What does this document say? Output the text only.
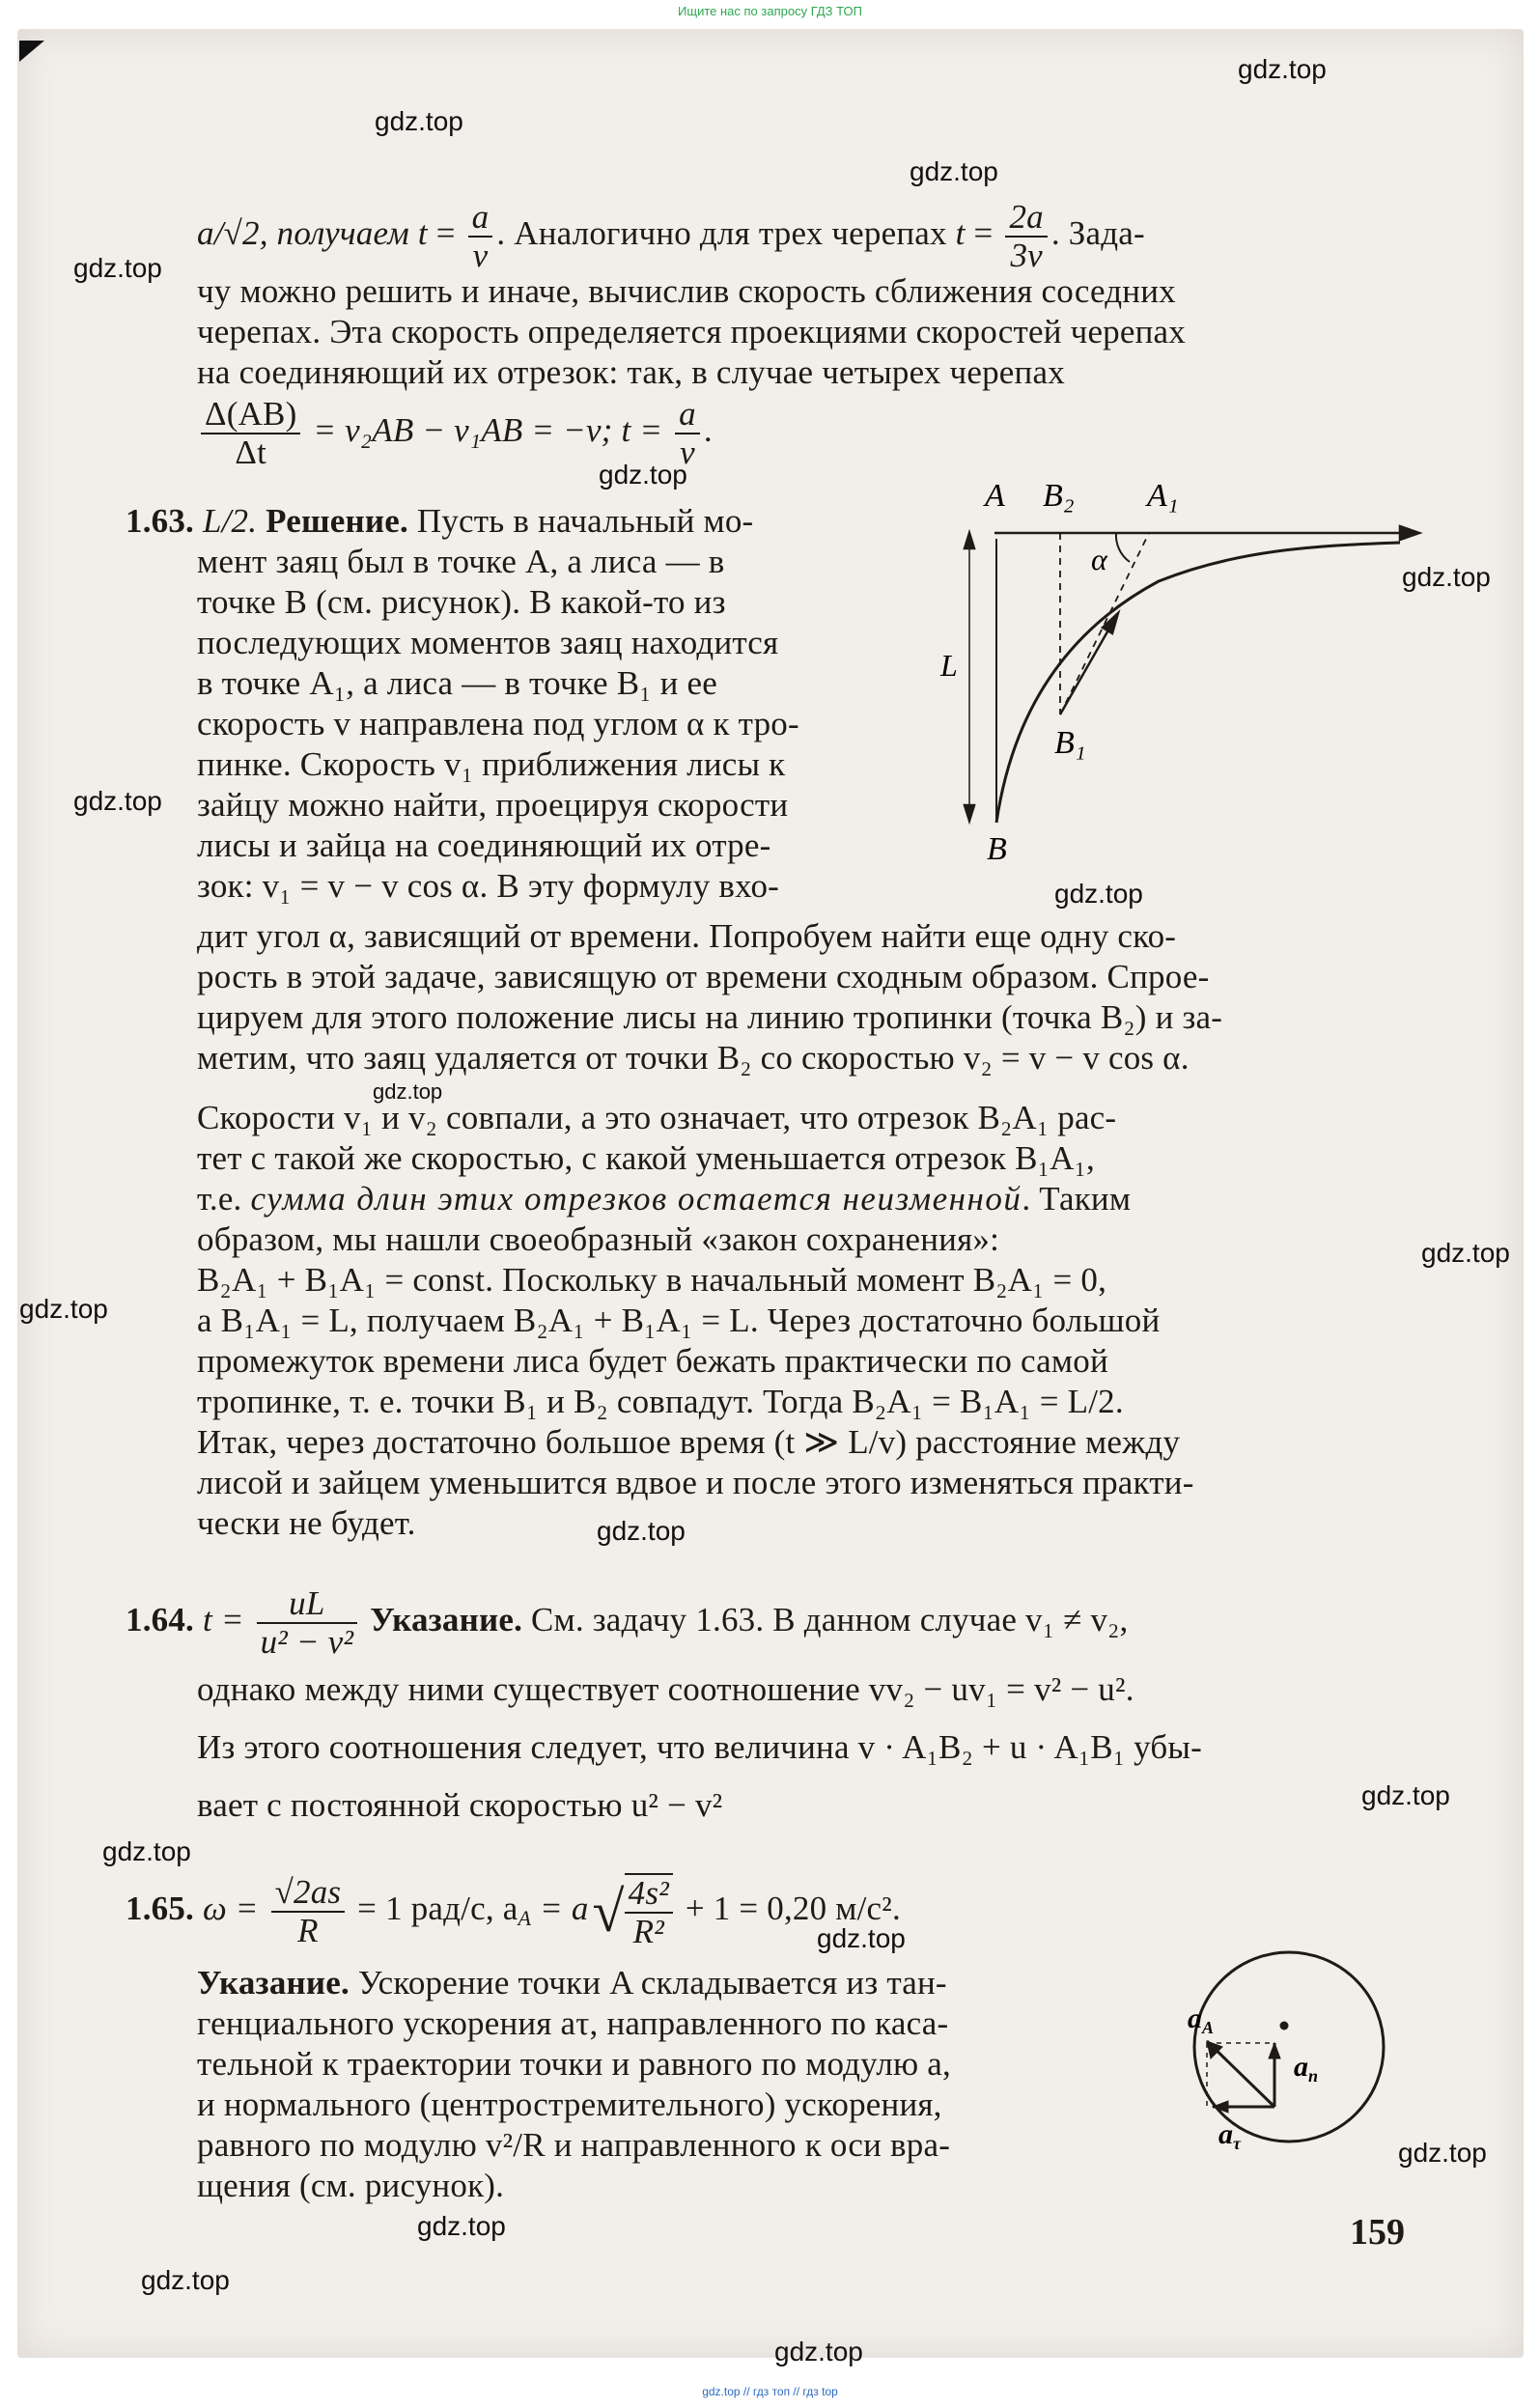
Ищите нас по запросу ГДЗ ТОП
gdz.top
gdz.top
gdz.top
gdz.top
gdz.top
gdz.top
gdz.top
gdz.top
gdz.top
gdz.top
gdz.top
gdz.top
gdz.top
gdz.top
gdz.top
gdz.top
gdz.top
gdz.top
gdz.top
a/√2, получаем $t = \frac{a}{v}$ . Аналогично для трех черепах $t = \frac{2a}{3v}$ . Зада-
чу можно решить и иначе, вычислив скорость сближения соседних
черепах. Эта скорость определяется проекциями скоростей черепах
на соединяющий их отрезок: так, в случае четырех черепах
$\frac{\Delta(AB)}{\Delta t} = v_2AB - v_1AB = -v$; $t = \frac{a}{v}$ .
1.63. L/2. Решение. Пусть в начальный мо-
мент заяц был в точке A, а лиса — в
точке B (см. рисунок). В какой-то из
последующих моментов заяц находится
в точке A₁, а лиса — в точке B₁ и ее
скорость v направлена под углом α к тро-
пинке. Скорость v₁ приближения лисы к
зайцу можно найти, проецируя скорости
лисы и зайца на соединяющий их отре-
зок: v₁ = v − v cos α. В эту формулу вхо-
дит угол α, зависящий от времени. Попробуем найти еще одну ско-
рость в этой задаче, зависящую от времени сходным образом. Спрое-
цируем для этого положение лисы на линию тропинки (точка B₂) и за-
метим, что заяц удаляется от точки B₂ со скоростью v₂ = v − v cos α.
Скорости v₁ и v₂ совпали, а это означает, что отрезок B₂A₁ рас-
тет с такой же скоростью, с какой уменьшается отрезок B₁A₁,
т.е. сумма длин этих отрезков остается неизменной. Таким
образом, мы нашли своеобразный «закон сохранения»:
B₂A₁ + B₁A₁ = const. Поскольку в начальный момент B₂A₁ = 0,
а B₁A₁ = L, получаем B₂A₁ + B₁A₁ = L. Через достаточно большой
промежуток времени лиса будет бежать практически по самой
тропинке, т. е. точки B₁ и B₂ совпадут. Тогда B₂A₁ = B₁A₁ = L/2.
Итак, через достаточно большое время (t ≫ L/v) расстояние между
лисой и зайцем уменьшится вдвое и после этого изменяться практи-
чески не будет.
A B₂ A₁
α
L
B₁
B
1.64. $t = \frac{uL}{\text{u² − v²}}$ Указание. См. задачу 1.63. В данном случае v₁ ≠ v₂,
однако между ними существует соотношение vv₂ − uv₁ = v² − u².
Из этого соотношения следует, что величина v · A₁B₂ + u · A₁B₁ убы-
вает с постоянной скоростью u² − v²
1.65. $\omega = \frac{√2as}{R} = 1$ рад/с, $a_A = a√ \frac{\text{4s²}}{\text{R²}} + 1 = 0,20$ м/с².
Указание. Ускорение точки A складывается из тан-
генциального ускорения aτ, направленного по каса-
тельной к траектории точки и равного по модулю a,
и нормального (центростремительного) ускорения,
равного по модулю v²/R и направленного к оси вра-
щения (см. рисунок).
$a_A$
$a_n$
$a_\tau$
159
gdz.top // гдз топ // гдз top
